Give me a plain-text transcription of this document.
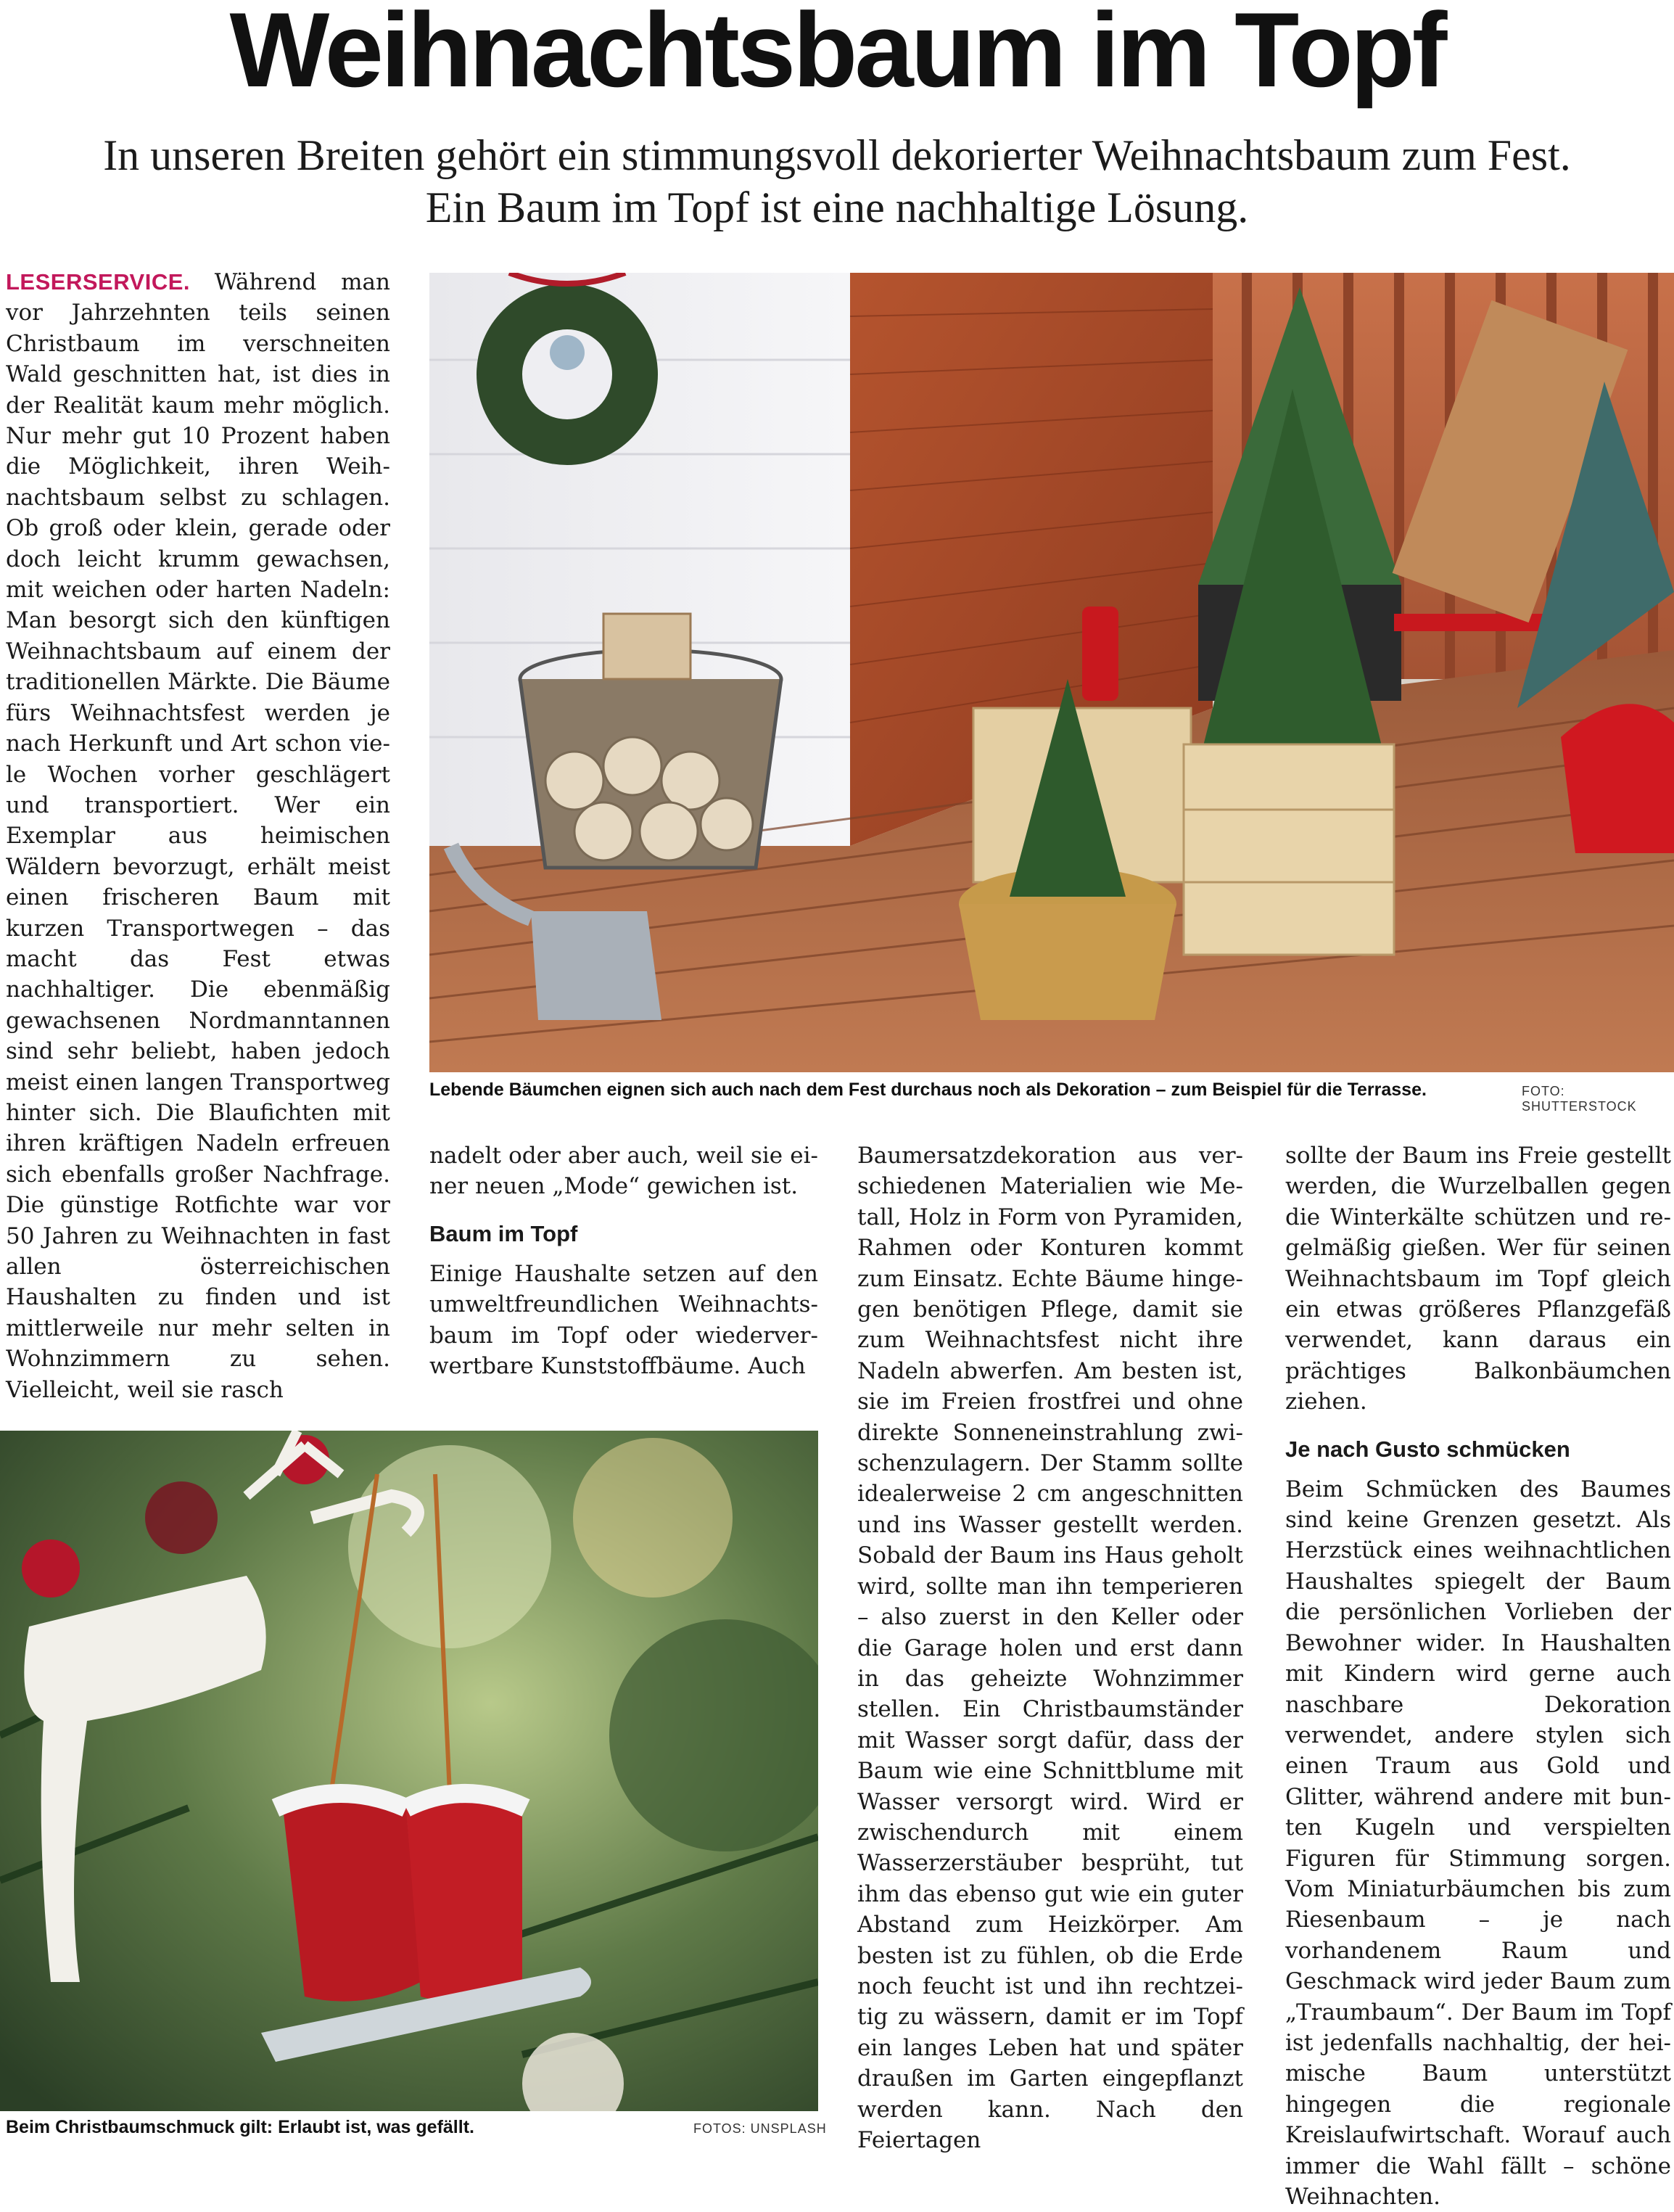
Weihnachtsbaum im Topf
In unseren Breiten gehört ein stimmungsvoll dekorierter Weihnachtsbaum zum Fest.
Ein Baum im Topf ist eine nachhaltige Lösung.

LESERSERVICE. Während man vor Jahrzehnten teils seinen Christbaum im verschneiten Wald geschnitten hat, ist dies in der Realität kaum mehr möglich. Nur mehr gut 10 Prozent haben die Möglichkeit, ihren Weihnachtsbaum selbst zu schlagen. Ob groß oder klein, gerade oder doch leicht krumm gewachsen, mit weichen oder harten Nadeln: Man besorgt sich den künftigen Weihnachtsbaum auf einem der traditionellen Märkte. Die Bäume fürs Weihnachtsfest werden je nach Herkunft und Art schon viele Wochen vorher geschlägert und transportiert. Wer ein Exemplar aus heimischen Wäldern bevorzugt, erhält meist einen frischeren Baum mit kurzen Transportwegen – das macht das Fest etwas nachhaltiger. Die ebenmäßig gewachsenen Nordmanntannen sind sehr beliebt, haben jedoch meist einen langen Transportweg hinter sich. Die Blaufichten mit ihren kräftigen Nadeln erfreuen sich ebenfalls großer Nachfrage. Die günstige Rotfichte war vor 50 Jahren zu Weihnachten in fast allen österreichischen Haushalten zu finden und ist mittlerweile nur mehr selten in Wohnzimmern zu sehen. Vielleicht, weil sie rasch

Lebende Bäumchen eignen sich auch nach dem Fest durchaus noch als Dekoration – zum Beispiel für die Terrasse.	FOTO: SHUTTERSTOCK

nadelt oder aber auch, weil sie einer neuen „Mode“ gewichen ist.

Baum im Topf

Einige Haushalte setzen auf den umweltfreundlichen Weihnachtsbaum im Topf oder wiederverwertbare Kunststoffbäume. Auch

Beim Christbaumschmuck gilt: Erlaubt ist, was gefällt.	FOTOS: UNSPLASH

Baumersatzdekoration aus verschiedenen Materialien wie Metall, Holz in Form von Pyramiden, Rahmen oder Konturen kommt zum Einsatz. Echte Bäume hingegen benötigen Pflege, damit sie zum Weihnachtsfest nicht ihre Nadeln abwerfen. Am besten ist, sie im Freien frostfrei und ohne direkte Sonneneinstrahlung zwischenzulagern. Der Stamm sollte idealerweise 2 cm angeschnitten und ins Wasser gestellt werden. Sobald der Baum ins Haus geholt wird, sollte man ihn temperieren – also zuerst in den Keller oder die Garage holen und erst dann in das geheizte Wohnzimmer stellen. Ein Christbaumständer mit Wasser sorgt dafür, dass der Baum wie eine Schnittblume mit Wasser versorgt wird. Wird er zwischendurch mit einem Wasserzerstäuber besprüht, tut ihm das ebenso gut wie ein guter Abstand zum Heizkörper. Am besten ist zu fühlen, ob die Erde noch feucht ist und ihn rechtzeitig zu wässern, damit er im Topf ein langes Leben hat und später draußen im Garten eingepflanzt werden kann. Nach den Feiertagen

sollte der Baum ins Freie gestellt werden, die Wurzelballen gegen die Winterkälte schützen und regelmäßig gießen. Wer für seinen Weihnachtsbaum im Topf gleich ein etwas größeres Pflanzgefäß verwendet, kann daraus ein prächtiges Balkonbäumchen ziehen.

Je nach Gusto schmücken

Beim Schmücken des Baumes sind keine Grenzen gesetzt. Als Herzstück eines weihnachtlichen Haushaltes spiegelt der Baum die persönlichen Vorlieben der Bewohner wider. In Haushalten mit Kindern wird gerne auch naschbare Dekoration verwendet, andere stylen sich einen Traum aus Gold und Glitter, während andere mit bunten Kugeln und verspielten Figuren für Stimmung sorgen. Vom Miniaturbäumchen bis zum Riesenbaum – je nach vorhandenem Raum und Geschmack wird jeder Baum zum „Traumbaum“. Der Baum im Topf ist jedenfalls nachhaltig, der heimische Baum unterstützt hingegen die regionale Kreislaufwirtschaft. Worauf auch immer die Wahl fällt – schöne Weihnachten.
